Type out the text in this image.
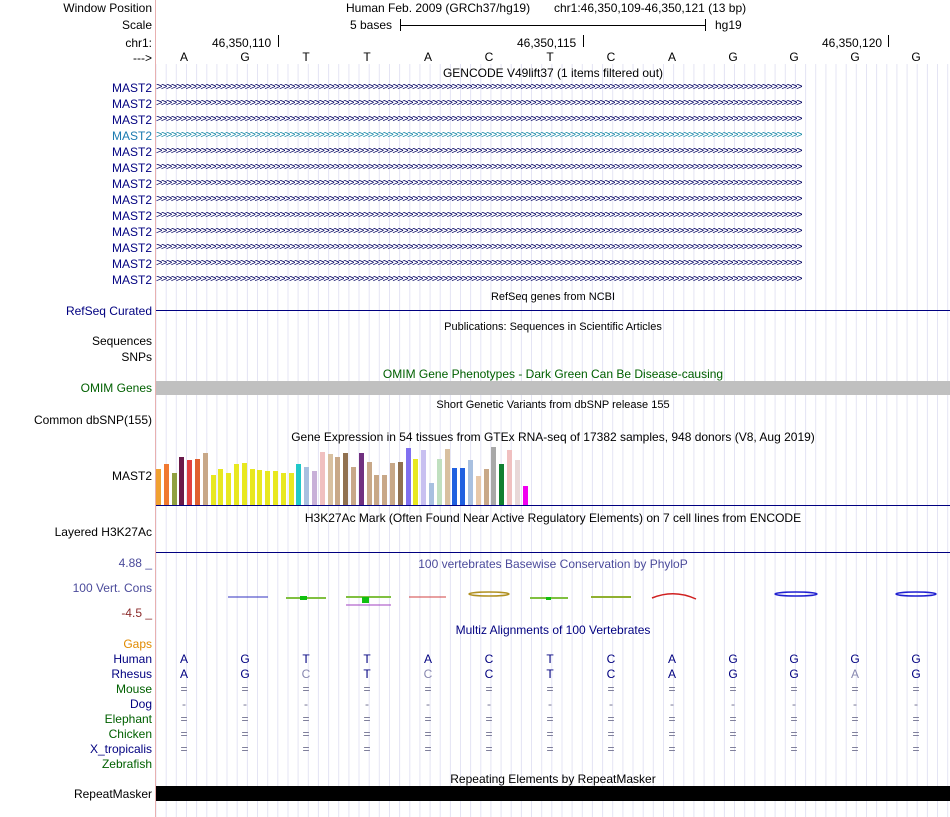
Window Position	Human Feb. 2009 (GRCh37/hg19) chr1:46,350,109-46,350,121 (13 bp)
Scale	5 bases	hg19
chr1:	46,350,110	46,350,115	46,350,120
--->	A	G	T	T	A	C	T	C	A	G	G	G	G
GENCODE V49lift37 (1 items filtered out)
MAST2 >>>>>>>>>>>>>>>>>>>>>>>>>>>>>>>>>>>>>>>>>>>>>>>>>>>>>>>>>>>>>>>>>>>>>>>>>>>>>>>>>>>>>>>>>>>>>>>>>>>>>>>>>>>>>>>>>>>>>>>>>>>>>>>>>>>
MAST2 >>>>>>>>>>>>>>>>>>>>>>>>>>>>>>>>>>>>>>>>>>>>>>>>>>>>>>>>>>>>>>>>>>>>>>>>>>>>>>>>>>>>>>>>>>>>>>>>>>>>>>>>>>>>>>>>>>>>>>>>>>>>>>>>>>>
MAST2 >>>>>>>>>>>>>>>>>>>>>>>>>>>>>>>>>>>>>>>>>>>>>>>>>>>>>>>>>>>>>>>>>>>>>>>>>>>>>>>>>>>>>>>>>>>>>>>>>>>>>>>>>>>>>>>>>>>>>>>>>>>>>>>>>>>
MAST2 >>>>>>>>>>>>>>>>>>>>>>>>>>>>>>>>>>>>>>>>>>>>>>>>>>>>>>>>>>>>>>>>>>>>>>>>>>>>>>>>>>>>>>>>>>>>>>>>>>>>>>>>>>>>>>>>>>>>>>>>>>>>>>>>>>>
MAST2 >>>>>>>>>>>>>>>>>>>>>>>>>>>>>>>>>>>>>>>>>>>>>>>>>>>>>>>>>>>>>>>>>>>>>>>>>>>>>>>>>>>>>>>>>>>>>>>>>>>>>>>>>>>>>>>>>>>>>>>>>>>>>>>>>>>
MAST2 >>>>>>>>>>>>>>>>>>>>>>>>>>>>>>>>>>>>>>>>>>>>>>>>>>>>>>>>>>>>>>>>>>>>>>>>>>>>>>>>>>>>>>>>>>>>>>>>>>>>>>>>>>>>>>>>>>>>>>>>>>>>>>>>>>>
MAST2 >>>>>>>>>>>>>>>>>>>>>>>>>>>>>>>>>>>>>>>>>>>>>>>>>>>>>>>>>>>>>>>>>>>>>>>>>>>>>>>>>>>>>>>>>>>>>>>>>>>>>>>>>>>>>>>>>>>>>>>>>>>>>>>>>>>
MAST2 >>>>>>>>>>>>>>>>>>>>>>>>>>>>>>>>>>>>>>>>>>>>>>>>>>>>>>>>>>>>>>>>>>>>>>>>>>>>>>>>>>>>>>>>>>>>>>>>>>>>>>>>>>>>>>>>>>>>>>>>>>>>>>>>>>>
MAST2 >>>>>>>>>>>>>>>>>>>>>>>>>>>>>>>>>>>>>>>>>>>>>>>>>>>>>>>>>>>>>>>>>>>>>>>>>>>>>>>>>>>>>>>>>>>>>>>>>>>>>>>>>>>>>>>>>>>>>>>>>>>>>>>>>>>
MAST2 >>>>>>>>>>>>>>>>>>>>>>>>>>>>>>>>>>>>>>>>>>>>>>>>>>>>>>>>>>>>>>>>>>>>>>>>>>>>>>>>>>>>>>>>>>>>>>>>>>>>>>>>>>>>>>>>>>>>>>>>>>>>>>>>>>>
MAST2 >>>>>>>>>>>>>>>>>>>>>>>>>>>>>>>>>>>>>>>>>>>>>>>>>>>>>>>>>>>>>>>>>>>>>>>>>>>>>>>>>>>>>>>>>>>>>>>>>>>>>>>>>>>>>>>>>>>>>>>>>>>>>>>>>>>
MAST2 >>>>>>>>>>>>>>>>>>>>>>>>>>>>>>>>>>>>>>>>>>>>>>>>>>>>>>>>>>>>>>>>>>>>>>>>>>>>>>>>>>>>>>>>>>>>>>>>>>>>>>>>>>>>>>>>>>>>>>>>>>>>>>>>>>>
MAST2 >>>>>>>>>>>>>>>>>>>>>>>>>>>>>>>>>>>>>>>>>>>>>>>>>>>>>>>>>>>>>>>>>>>>>>>>>>>>>>>>>>>>>>>>>>>>>>>>>>>>>>>>>>>>>>>>>>>>>>>>>>>>>>>>>>>
RefSeq genes from NCBI
RefSeq Curated
Publications: Sequences in Scientific Articles
Sequences
SNPs
OMIM Gene Phenotypes - Dark Green Can Be Disease-causing
OMIM Genes
Short Genetic Variants from dbSNP release 155
Common dbSNP(155)
Gene Expression in 54 tissues from GTEx RNA-seq of 17382 samples, 948 donors (V8, Aug 2019)
MAST2
H3K27Ac Mark (Often Found Near Active Regulatory Elements) on 7 cell lines from ENCODE
Layered H3K27Ac
4.88 _	100 vertebrates Basewise Conservation by PhyloP
100 Vert. Cons
-4.5 _
Multiz Alignments of 100 Vertebrates
Gaps
Human	A	G	T	T	A	C	T	C	A	G	G	G	G
Rhesus	A	G	C	T	C	C	T	C	A	G	G	A	G
Mouse	=	=	=	=	=	=	=	=	=	=	=	=	=
Dog	-	-	-	-	-	-	-	-	-	-	-	-	-
Elephant	=	=	=	=	=	=	=	=	=	=	=	=	=
Chicken	=	=	=	=	=	=	=	=	=	=	=	=	=
X_tropicalis	=	=	=	=	=	=	=	=	=	=	=	=	=
Zebrafish
Repeating Elements by RepeatMasker
RepeatMasker
